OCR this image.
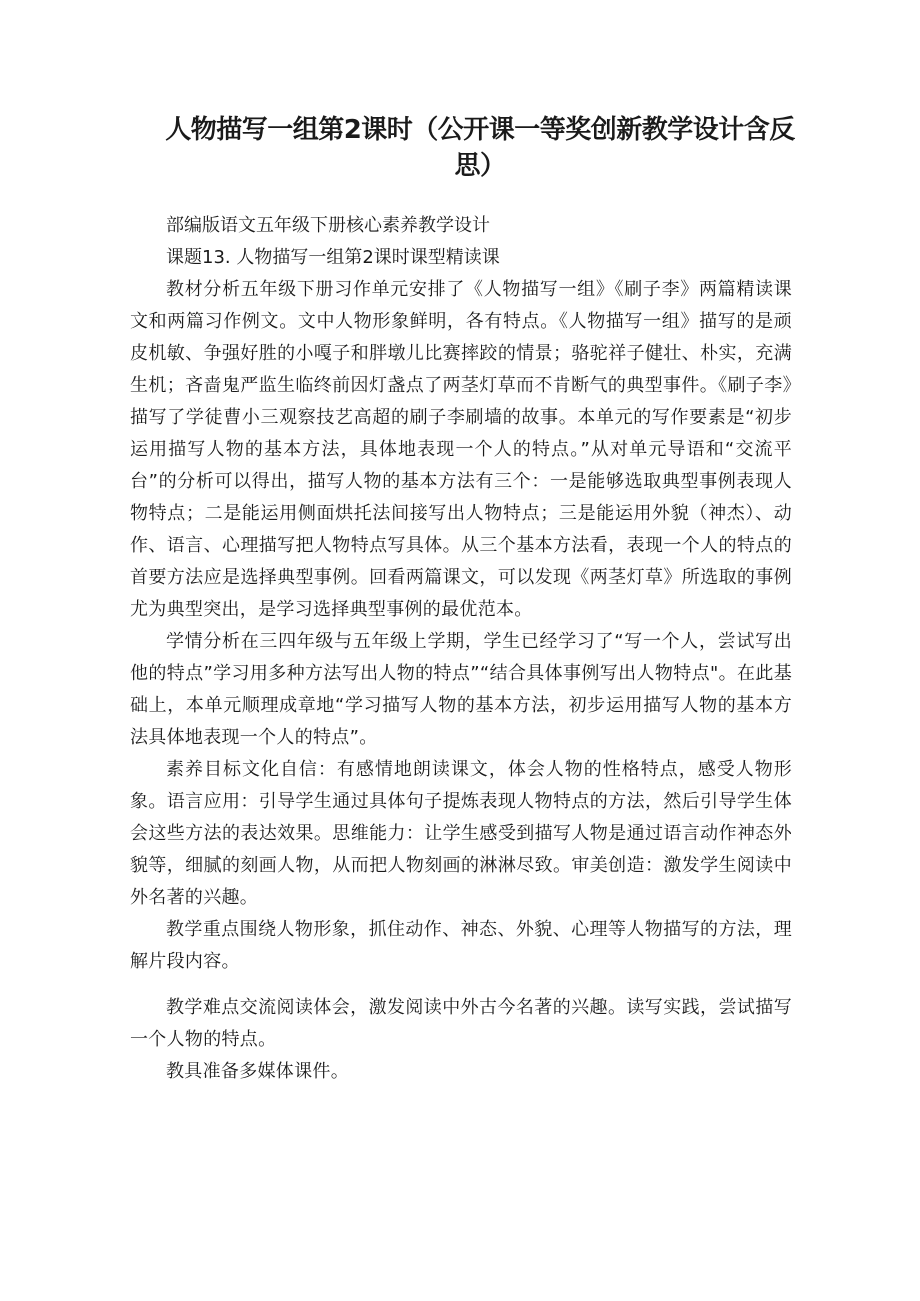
人物描写一组第2课时（公开课一等奖创新教学设计含反思）

部编版语文五年级下册核心素养教学设计

课题13. 人物描写一组第2课时课型精读课

教材分析五年级下册习作单元安排了《人物描写一组》《刷子李》两篇精读课文和两篇习作例文。文中人物形象鲜明，各有特点。《人物描写一组》描写的是顽皮机敏、争强好胜的小嘎子和胖墩儿比赛摔跤的情景；骆驼祥子健壮、朴实，充满生机；吝啬鬼严监生临终前因灯盏点了两茎灯草而不肯断气的典型事件。《刷子李》描写了学徒曹小三观察技艺高超的刷子李刷墙的故事。本单元的写作要素是“初步运用描写人物的基本方法，具体地表现一个人的特点。”从对单元导语和“交流平台”的分析可以得出，描写人物的基本方法有三个：一是能够选取典型事例表现人物特点；二是能运用侧面烘托法间接写出人物特点；三是能运用外貌（神杰）、动作、语言、心理描写把人物特点写具体。从三个基本方法看，表现一个人的特点的首要方法应是选择典型事例。回看两篇课文，可以发现《两茎灯草》所选取的事例尤为典型突出，是学习选择典型事例的最优范本。

学情分析在三四年级与五年级上学期，学生已经学习了“写一个人，尝试写出他的特点”学习用多种方法写出人物的特点”“结合具体事例写出人物特点"。在此基础上，本单元顺理成章地“学习描写人物的基本方法，初步运用描写人物的基本方法具体地表现一个人的特点”。

素养目标文化自信：有感情地朗读课文，体会人物的性格特点，感受人物形象。语言应用：引导学生通过具体句子提炼表现人物特点的方法，然后引导学生体会这些方法的表达效果。思维能力：让学生感受到描写人物是通过语言动作神态外貌等，细腻的刻画人物，从而把人物刻画的淋淋尽致。审美创造：激发学生阅读中外名著的兴趣。

教学重点围绕人物形象，抓住动作、神态、外貌、心理等人物描写的方法，理解片段内容。

教学难点交流阅读体会，激发阅读中外古今名著的兴趣。读写实践，尝试描写一个人物的特点。

教具准备多媒体课件。
